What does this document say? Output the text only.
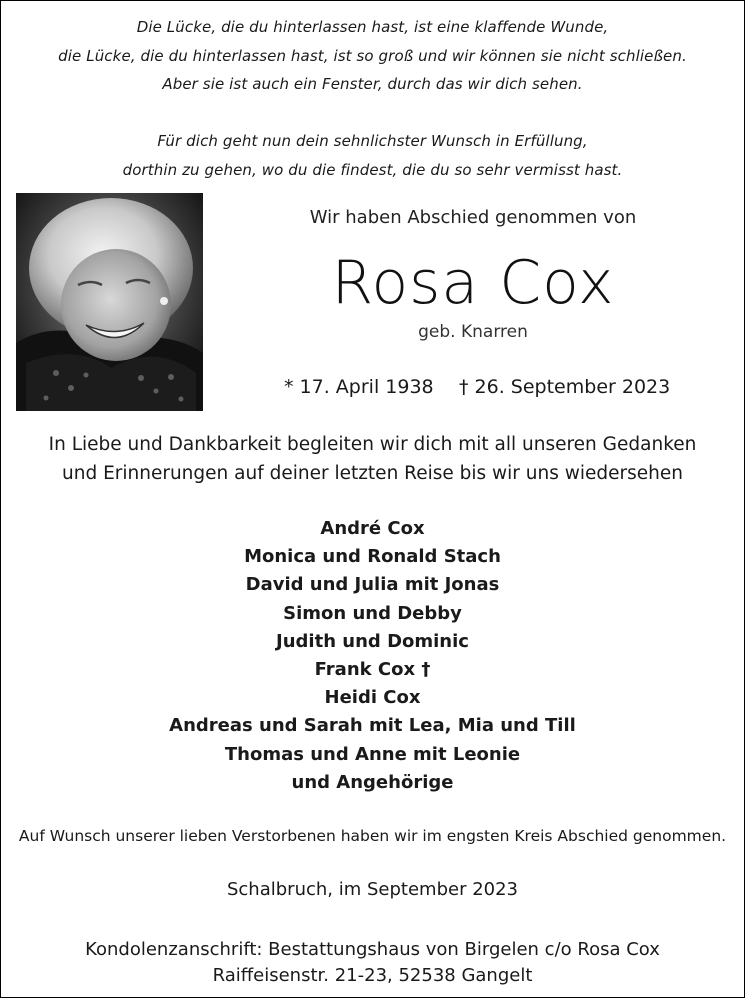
Die Lücke, die du hinterlassen hast, ist eine klaffende Wunde,

die Lücke, die du hinterlassen hast, ist so groß und wir können sie nicht schließen.

Aber sie ist auch ein Fenster, durch das wir dich sehen.

Für dich geht nun dein sehnlichster Wunsch in Erfüllung,

dorthin zu gehen, wo du die findest, die du so sehr vermisst hast.

Wir haben Abschied genommen von
Rosa Cox
geb. Knarren
* 17. April 1938 † 26. September 2023

In Liebe und Dankbarkeit begleiten wir dich mit all unseren Gedanken

und Erinnerungen auf deiner letzten Reise bis wir uns wiedersehen

André Cox
Monica und Ronald Stach
David und Julia mit Jonas
Simon und Debby
Judith und Dominic
Frank Cox †
Heidi Cox
Andreas und Sarah mit Lea, Mia und Till
Thomas und Anne mit Leonie
und Angehörige
Auf Wunsch unserer lieben Verstorbenen haben wir im engsten Kreis Abschied genommen.
Schalbruch, im September 2023

Kondolenzanschrift: Bestattungshaus von Birgelen c/o Rosa Cox

Raiffeisenstr. 21-23, 52538 Gangelt
